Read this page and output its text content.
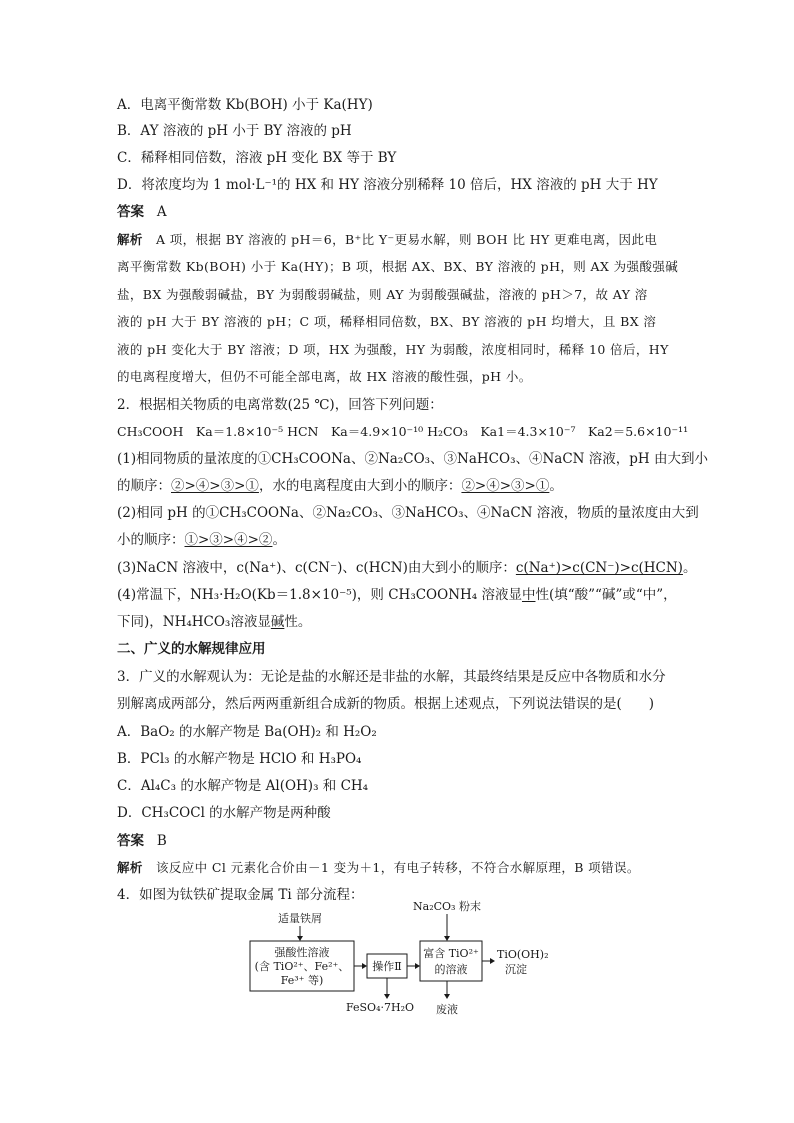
A．电离平衡常数 Kb(BOH) 小于 Ka(HY)
B．AY 溶液的 pH 小于 BY 溶液的 pH
C．稀释相同倍数，溶液 pH 变化 BX 等于 BY
D．将浓度均为 1 mol·L⁻¹的 HX 和 HY 溶液分别稀释 10 倍后，HX 溶液的 pH 大于 HY
答案 A
解析 A 项，根据 BY 溶液的 pH＝6，B⁺比 Y⁻更易水解，则 BOH 比 HY 更难电离，因此电
离平衡常数 Kb(BOH) 小于 Ka(HY)；B 项，根据 AX、BX、BY 溶液的 pH，则 AX 为强酸强碱
盐，BX 为强酸弱碱盐，BY 为弱酸弱碱盐，则 AY 为弱酸强碱盐，溶液的 pH＞7，故 AY 溶
液的 pH 大于 BY 溶液的 pH；C 项，稀释相同倍数，BX、BY 溶液的 pH 均增大，且 BX 溶
液的 pH 变化大于 BY 溶液；D 项，HX 为强酸，HY 为弱酸，浓度相同时，稀释 10 倍后，HY
的电离程度增大，但仍不可能全部电离，故 HX 溶液的酸性强，pH 小。
2．根据相关物质的电离常数(25 ℃)，回答下列问题：
CH₃COOH　Ka＝1.8×10⁻⁵ HCN　Ka＝4.9×10⁻¹⁰ H₂CO₃　Ka1＝4.3×10⁻⁷　Ka2＝5.6×10⁻¹¹
(1)相同物质的量浓度的①CH₃COONa、②Na₂CO₃、③NaHCO₃、④NaCN 溶液，pH 由大到小
的顺序：②>④>③>①，水的电离程度由大到小的顺序：②>④>③>①。
(2)相同 pH 的①CH₃COONa、②Na₂CO₃、③NaHCO₃、④NaCN 溶液，物质的量浓度由大到
小的顺序：①>③>④>②。
(3)NaCN 溶液中，c(Na⁺)、c(CN⁻)、c(HCN)由大到小的顺序：c(Na⁺)>c(CN⁻)>c(HCN)。
(4)常温下，NH₃·H₂O(Kb＝1.8×10⁻⁵)，则 CH₃COONH₄ 溶液显中性(填“酸”“碱”或“中”，
下同)，NH₄HCO₃溶液显碱性。
二、广义的水解规律应用
3．广义的水解观认为：无论是盐的水解还是非盐的水解，其最终结果是反应中各物质和水分
别解离成两部分，然后两两重新组合成新的物质。根据上述观点，下列说法错误的是(　　)
A．BaO₂ 的水解产物是 Ba(OH)₂ 和 H₂O₂
B．PCl₃ 的水解产物是 HClO 和 H₃PO₄
C．Al₄C₃ 的水解产物是 Al(OH)₃ 和 CH₄
D．CH₃COCl 的水解产物是两种酸
答案 B
解析 该反应中 Cl 元素化合价由－1 变为＋1，有电子转移，不符合水解原理，B 项错误。
4．如图为钛铁矿提取金属 Ti 部分流程：
适量铁屑
强酸性溶液
(含 TiO²⁺、Fe²⁺、
Fe³⁺ 等)
操作Ⅱ
FeSO₄·7H₂O
Na₂CO₃ 粉末
富含 TiO²⁺
的溶液
废液
TiO(OH)₂
沉淀
